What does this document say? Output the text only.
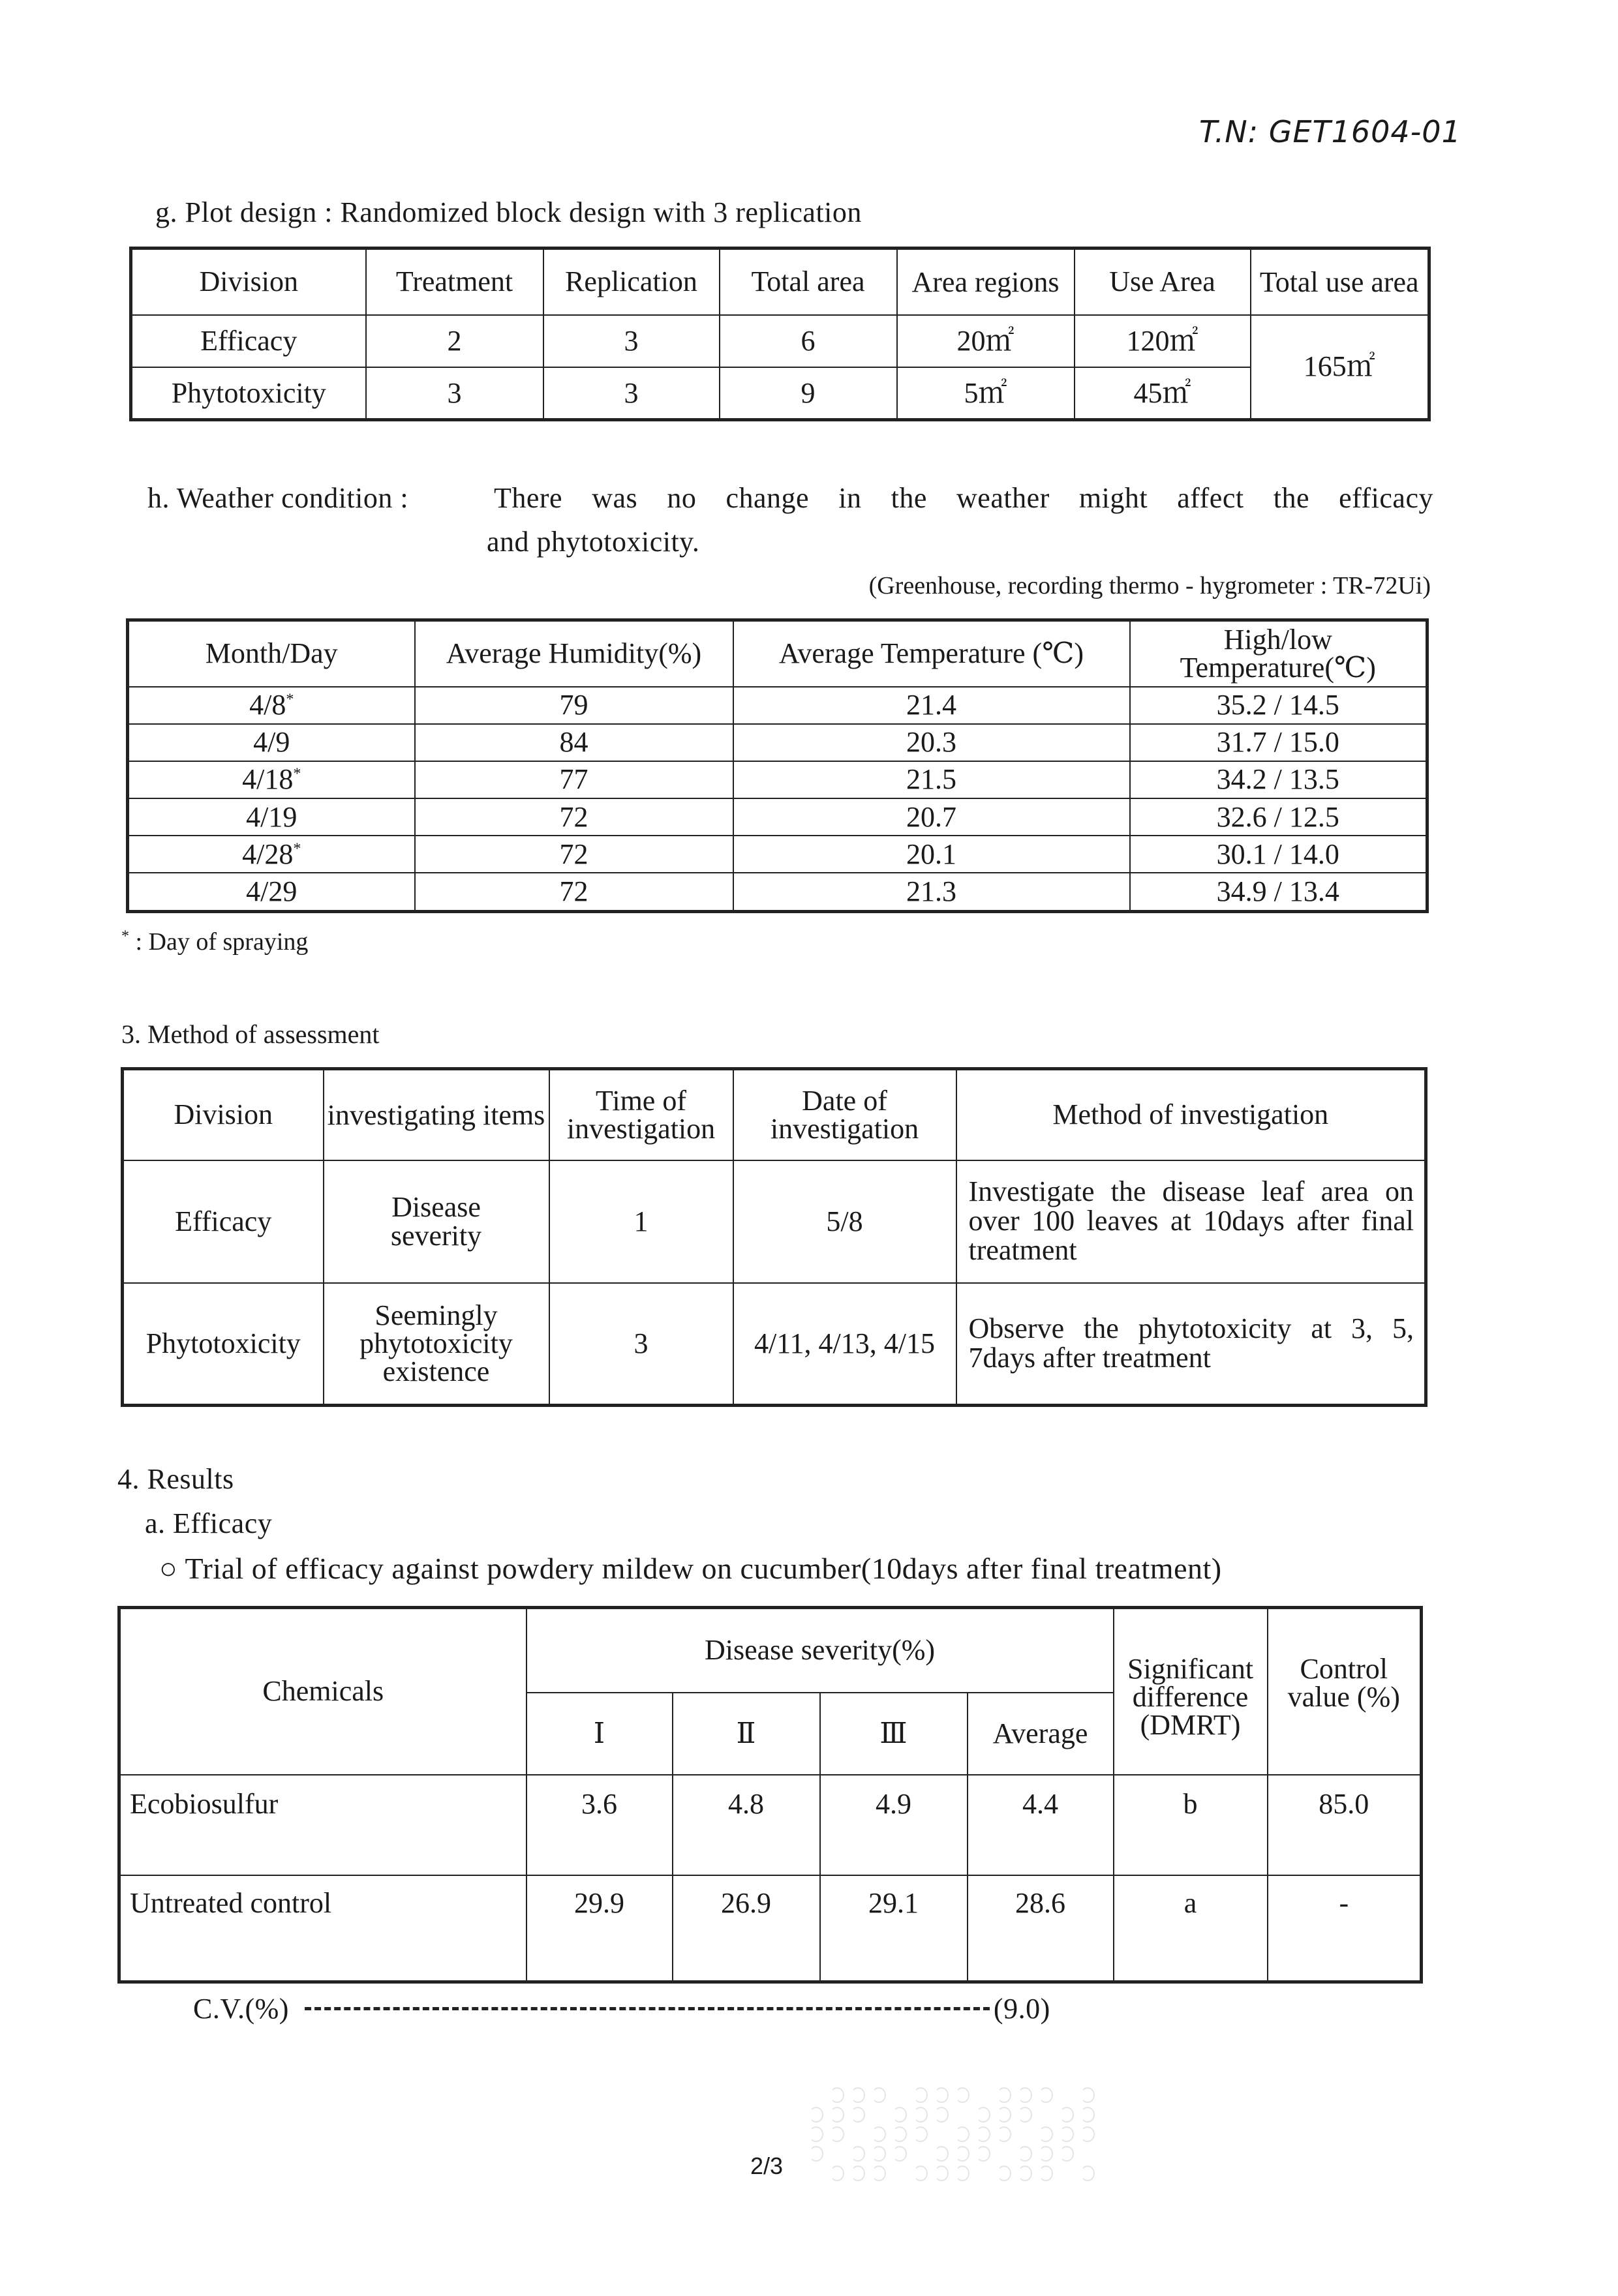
T.N: GET1604-01
g. Plot design : Randomized block design with 3 replication
Division	Treatment	Replication	Total area	Area regions	Use Area	Total use area
Efficacy	2	3	6	20㎡	120㎡	165㎡
Phytotoxicity	3	3	9	5㎡	45㎡	
h. Weather condition :	There was no change in the weather might affect the efficacy
and phytotoxicity.
(Greenhouse, recording thermo - hygrometer : TR-72Ui)
Month/Day	Average Humidity(%)	Average Temperature (℃)	High/low Temperature(℃)
4/8*	79	21.4	35.2 / 14.5
4/9	84	20.3	31.7 / 15.0
4/18*	77	21.5	34.2 / 13.5
4/19	72	20.7	32.6 / 12.5
4/28*	72	20.1	30.1 / 14.0
4/29	72	21.3	34.9 / 13.4
* : Day of spraying
3. Method of assessment
Division	investigating items	Time of investigation	Date of investigation	Method of investigation
Efficacy	Disease severity	1	5/8	Investigate the disease leaf area on over 100 leaves at 10days after final treatment
Phytotoxicity	Seemingly phytotoxicity existence	3	4/11, 4/13, 4/15	Observe the phytotoxicity at 3, 5, 7days after treatment
4. Results
a. Efficacy
○ Trial of efficacy against powdery mildew on cucumber(10days after final treatment)
Chemicals	Disease severity(%)				Significant difference (DMRT)	Control value (%)
	Ⅰ	Ⅱ	Ⅲ	Average		
Ecobiosulfur	3.6	4.8	4.9	4.4	b	85.0
Untreated control	29.9	26.9	29.1	28.6	a	-
C.V.(%)	(9.0)
2/3
